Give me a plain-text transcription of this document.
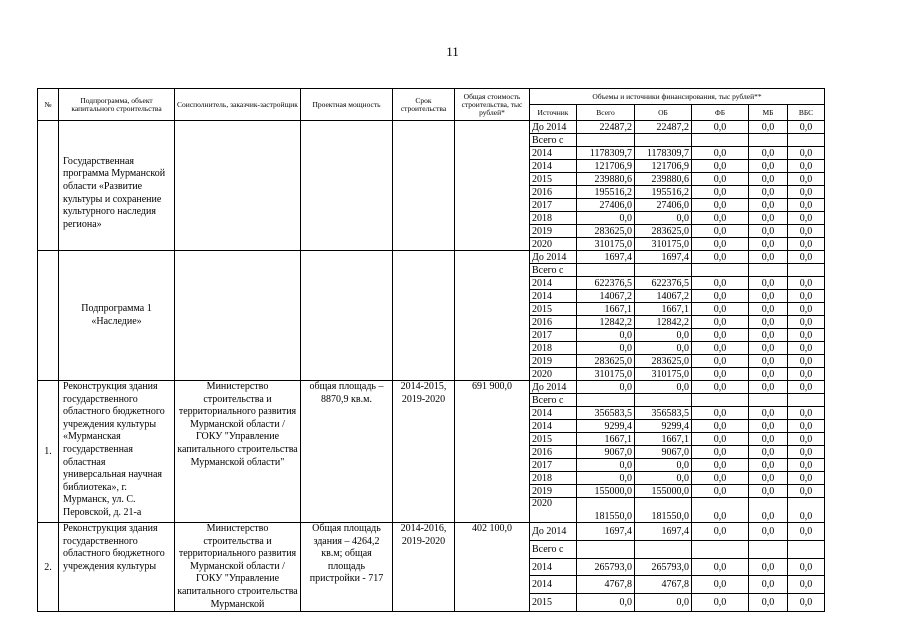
11
№	Подпрограмма, объект капитального строительства	Соисполнитель, заказчик-застройщик	Проектная мощность	Срок строительства	Общая стоимость строительства, тыс рублей*	Объемы и источники финансирования, тыс рублей**					
						Источник	Всего	ОБ	ФБ	МБ	ВБС
	Государственная программа Мурманской области «Развитие культуры и сохранение культурного наследия региона»					До 2014	22487,2	22487,2	0,0	0,0	0,0
						Всего с					
						2014	1178309,7	1178309,7	0,0	0,0	0,0
						2014	121706,9	121706,9	0,0	0,0	0,0
						2015	239880,6	239880,6	0,0	0,0	0,0
						2016	195516,2	195516,2	0,0	0,0	0,0
						2017	27406,0	27406,0	0,0	0,0	0,0
						2018	0,0	0,0	0,0	0,0	0,0
						2019	283625,0	283625,0	0,0	0,0	0,0
						2020	310175,0	310175,0	0,0	0,0	0,0
	Подпрограмма 1 «Наследие»					До 2014	1697,4	1697,4	0,0	0,0	0,0
						Всего с					
						2014	622376,5	622376,5	0,0	0,0	0,0
						2014	14067,2	14067,2	0,0	0,0	0,0
						2015	1667,1	1667,1	0,0	0,0	0,0
						2016	12842,2	12842,2	0,0	0,0	0,0
						2017	0,0	0,0	0,0	0,0	0,0
						2018	0,0	0,0	0,0	0,0	0,0
						2019	283625,0	283625,0	0,0	0,0	0,0
						2020	310175,0	310175,0	0,0	0,0	0,0
1.	Реконструкция здания государственного областного бюджетного учреждения культуры «Мурманская государственная областная универсальная научная библиотека», г. Мурманск, ул. С. Перовской, д. 21-а	Министерство строительства и территориального развития Мурманской области / ГОКУ "Управление капитального строительства Мурманской области"	общая площадь – 8870,9 кв.м.	2014-2015, 2019-2020	691 900,0	До 2014	0,0	0,0	0,0	0,0	0,0
						Всего с					
						2014	356583,5	356583,5	0,0	0,0	0,0
						2014	9299,4	9299,4	0,0	0,0	0,0
						2015	1667,1	1667,1	0,0	0,0	0,0
						2016	9067,0	9067,0	0,0	0,0	0,0
						2017	0,0	0,0	0,0	0,0	0,0
						2018	0,0	0,0	0,0	0,0	0,0
						2019	155000,0	155000,0	0,0	0,0	0,0
						2020	181550,0	181550,0	0,0	0,0	0,0
2.	Реконструкция здания государственного областного бюджетного учреждения культуры	Министерство строительства и территориального развития Мурманской области / ГОКУ "Управление капитального строительства Мурманской	Общая площадь здания – 4264,2 кв.м; общая площадь пристройки - 717	2014-2016, 2019-2020	402 100,0	До 2014	1697,4	1697,4	0,0	0,0	0,0
						Всего с					
						2014	265793,0	265793,0	0,0	0,0	0,0
						2014	4767,8	4767,8	0,0	0,0	0,0
						2015	0,0	0,0	0,0	0,0	0,0
